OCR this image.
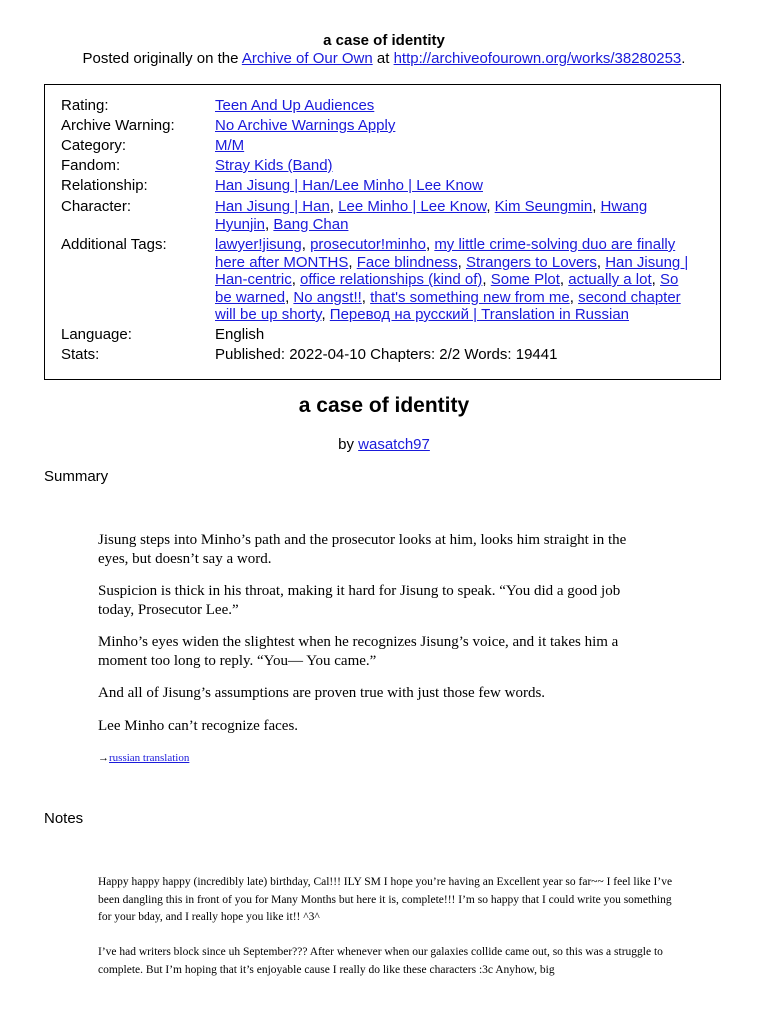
a case of identity
Posted originally on the Archive of Our Own at http://archiveofourown.org/works/38280253.
Rating:	Teen And Up Audiences
Archive Warning:	No Archive Warnings Apply
Category:	M/M
Fandom:	Stray Kids (Band)
Relationship:	Han Jisung | Han/Lee Minho | Lee Know
Character:	Han Jisung | Han, Lee Minho | Lee Know, Kim Seungmin, Hwang Hyunjin, Bang Chan
Additional Tags:	lawyer!jisung, prosecutor!minho, my little crime-solving duo are finally here after MONTHS, Face blindness, Strangers to Lovers, Han Jisung | Han-centric, office relationships (kind of), Some Plot, actually a lot, So be warned, No angst!!, that's something new from me, second chapter will be up shorty, Перевод на русский | Translation in Russian
Language:	English
Stats:	Published: 2022-04-10 Chapters: 2/2 Words: 19441
a case of identity
by wasatch97
Summary
Jisung steps into Minho’s path and the prosecutor looks at him, looks him straight in the eyes, but doesn’t say a word.
Suspicion is thick in his throat, making it hard for Jisung to speak. “You did a good job today, Prosecutor Lee.”
Minho’s eyes widen the slightest when he recognizes Jisung’s voice, and it takes him a moment too long to reply. “You— You came.”
And all of Jisung’s assumptions are proven true with just those few words.
Lee Minho can’t recognize faces.
→russian translation
Notes
Happy happy happy (incredibly late) birthday, Cal!!! ILY SM I hope you’re having an Excellent year so far~~ I feel like I’ve been dangling this in front of you for Many Months but here it is, complete!!! I’m so happy that I could write you something for your bday, and I really hope you like it!! ^3^
I’ve had writers block since uh September??? After whenever when our galaxies collide came out, so this was a struggle to complete. But I’m hoping that it’s enjoyable cause I really do like these characters :3c Anyhow, big
